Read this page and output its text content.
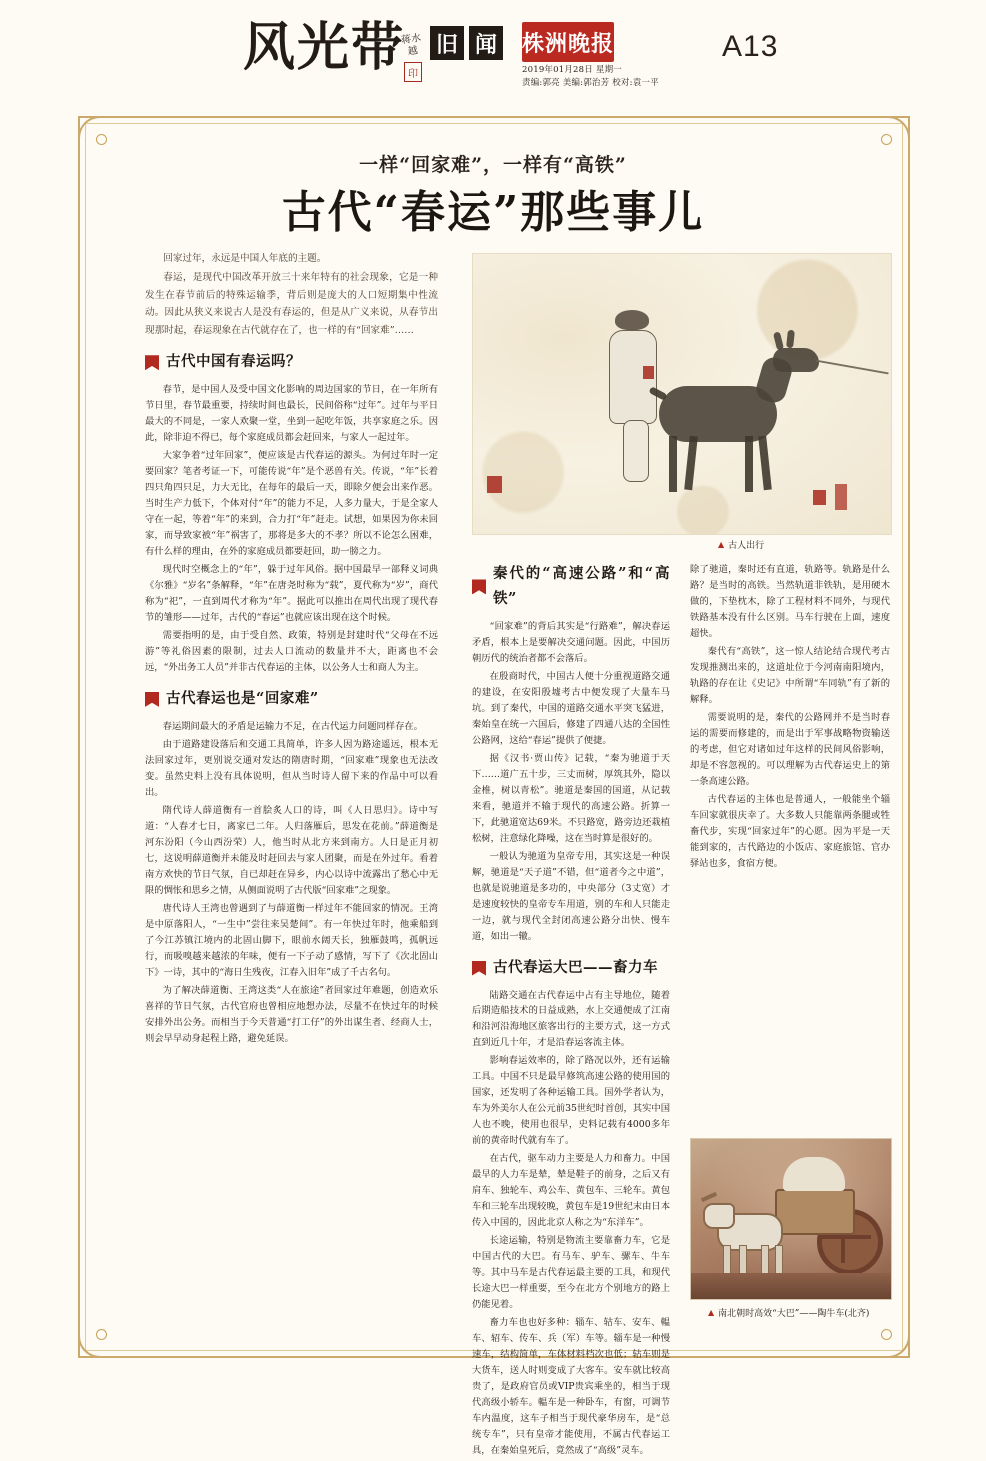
风光带
蒋水越
印
旧 闻 株洲晚报
2019年01月28日 星期一
责编:郭亮 美编:郭治芳 校对:袁一平
A13
一样“回家难”，一样有“高铁”
古代“春运”那些事儿
▲ 古人出行
▲ 南北朝时高效“大巴”——陶牛车(北齐)

回家过年，永远是中国人年底的主题。

春运，是现代中国改革开放三十来年特有的社会现象，它是一种发生在春节前后的特殊运输季，背后则是庞大的人口短期集中性流动。因此从狭义来说古人是没有春运的，但是从广义来说，从春节出现那时起，春运现象在古代就存在了，也一样的有“回家难”……

古代中国有春运吗？

春节，是中国人及受中国文化影响的周边国家的节日，在一年所有节日里，春节最重要，持续时间也最长，民间俗称“过年”。过年与平日最大的不同是，一家人欢聚一堂，坐到一起吃年饭，共享家庭之乐。因此，除非迫不得已，每个家庭成员都会赶回来，与家人一起过年。

大家争着“过年回家”，便应该是古代春运的源头。为何过年时一定要回家？笔者考证一下，可能传说“年”是个恶兽有关。传说，“年”长着四只角四只足，力大无比，在每年的最后一天，即除夕便会出来作恶。当时生产力低下，个体对付“年”的能力不足，人多力量大，于是全家人守在一起，等着“年”的来到，合力打“年”赶走。试想，如果因为你未回家，而导致家被“年”祸害了，那将是多大的不孝？所以不论怎么困难，有什么样的理由，在外的家庭成员都要赶回，助一膀之力。

现代时空概念上的“年”，躲于过年风俗。据中国最早一部释义词典《尔雅》“岁名”条解释，“年”在唐尧时称为“载”，夏代称为“岁”，商代称为“祀”，一直到周代才称为“年”。据此可以推出在周代出现了现代春节的雏形——过年，古代的“春运”也就应该出现在这个时候。

需要指明的是，由于受自然、政策，特别是封建时代“父母在不远游”等礼俗因素的限制，过去人口流动的数量并不大，距离也不会远，“外出务工人员”并非古代春运的主体，以公务人士和商人为主。

古代春运也是“回家难”

春运期间最大的矛盾是运输力不足，在古代运力问题同样存在。

由于道路建设落后和交通工具简单，许多人因为路途遥远，根本无法回家过年，更别说交通对发达的隋唐时期，“回家难”现象也无法改变。虽然史料上没有具体说明，但从当时诗人留下来的作品中可以看出。

隋代诗人薛道衡有一首脍炙人口的诗，叫《人日思归》。诗中写道：“人春才七日，离家已二年。人归落雁后，思发在花前。”薛道衡是河东汾阳（今山西汾荣）人，他当时从北方来到南方。人日是正月初七，这说明薛道衡并未能及时赶回去与家人团聚，而是在外过年。看着南方欢快的节日气氛，自已却赶在异乡，内心以诗中流露出了愁心中无限的惆怅和思乡之情，从侧面说明了古代版“回家难”之现象。

唐代诗人王湾也曾遇到了与薛道衡一样过年不能回家的情况。王湾是中原落阳人，“一生中”尝往来吴楚间”。有一年快过年时，他乘船到了今江苏镇江境内的北固山脚下，眼前水阔天长，独雁鼓鸣，孤帆远行，而吸嗅越来越浓的年味，便有一下子动了感情，写下了《次北固山下》一诗，其中的“海日生残夜，江春入旧年”成了千古名句。

为了解决薛道衡、王湾这类“人在旅途”者回家过年难题，创造欢乐喜祥的节日气氛，古代官府也曾相应地想办法，尽量不在快过年的时候安排外出公务。而相当于今天普通“打工仔”的外出谋生者、经商人士，则会早早动身起程上路，避免延误。

秦代的“高速公路”和“高铁”

“回家难”的背后其实是“行路难”，解决春运矛盾，根本上是要解决交通问题。因此，中国历朝历代的统治者都不会落后。

在殷商时代，中国古人便十分重视道路交通的建设，在安阳殷墟考古中便发现了大量车马坑。到了秦代，中国的道路交通水平突飞猛进，秦始皇在统一六国后，修建了四通八达的全国性公路网，这给“春运”提供了便捷。

据《汉书·贾山传》记载，“秦为驰道于天下……道广五十步，三丈而树，厚筑其外，隐以金椎，树以青松”。驰道是秦国的国道，从记载来看，驰道并不输于现代的高速公路。折算一下，此驰道宽达69米。不只路宽，路旁边还栽植松树，注意绿化降噪，这在当时算是很好的。

一般认为驰道为皇帝专用，其实这是一种误解，驰道是“天子道”不错，但“道者今之中道”，也就是说驰道是多功的，中央部分（3丈宽）才是速度较快的皇帝专车用道，别的车和人只能走一边，就与现代全封闭高速公路分出快、慢车道，如出一辙。

古代春运大巴——畜力车

陆路交通在古代春运中占有主导地位，随着后期造船技术的日益成熟，水上交通便成了江南和沿河沿海地区旅客出行的主要方式，这一方式直到近几十年，才是沿春运客流主体。

影响春运效率的，除了路况以外，还有运输工具。中国不只是最早修筑高速公路的使用国的国家，还发明了各种运输工具。国外学者认为，车为外美尔人在公元前35世纪时首创，其实中国人也不晚，使用也很早，史料记载有4000多年前的黄帝时代就有车了。

在古代，驱车动力主要是人力和畜力。中国最早的人力车是辇，辇是鞋子的前身，之后又有肩车、独轮车、鸡公车、黄包车、三轮车。黄包车和三轮车出现较晚，黄包车是19世纪末由日本传入中国的，因此北京人称之为“东洋车”。

长途运输，特别是物流主要靠畜力车，它是中国古代的大巴。有马车、驴车、骡车、牛车等。其中马车是古代春运最主要的工具，和现代长途大巴一样重要，至今在北方个别地方的路上仍能见着。

畜力车也也好多种：辎车、轱车、安车、輼车、轺车、传车、兵（军）车等。辎车是一种慢速车，结构简单，车体材料档次也低；轱车则是大货车，送人时则变成了大客车。安车就比较高贵了，是政府官员或VIP贵宾乘坐的，相当于现代高级小轿车。輼车是一种卧车，有窗，可调节车内温度，这车子相当于现代豪华房车，是“总统专车”，只有皇帝才能使用，不属古代春运工具，在秦始皇死后，竟然成了“高级”灵车。

除了驰道，秦时还有直道，轨路等。轨路是什么路？是当时的高铁。当然轨道非铁轨，是用硬木做的，下垫枕木，除了工程材料不同外，与现代铁路基本没有什么区别。马车行驶在上面，速度超快。

秦代有“高铁”，这一惊人结论结合现代考古发现推测出来的，这道址位于今河南南阳境内，轨路的存在让《史记》中所谓“车同轨”有了新的解释。

需要说明的是，秦代的公路网并不是当时春运的需要而修建的，而是出于军事战略物资输送的考虑，但它对诸如过年这样的民间风俗影响，却是不容忽视的。可以理解为古代春运史上的第一条高速公路。

古代春运的主体也是普通人，一般能坐个辎车回家就很庆幸了。大多数人只能靠两条腿或牲畜代步，实现“回家过年”的心愿。因为平是一天能到家的，古代路边的小饭店、家庭旅馆、官办驿站也多，食宿方便。
